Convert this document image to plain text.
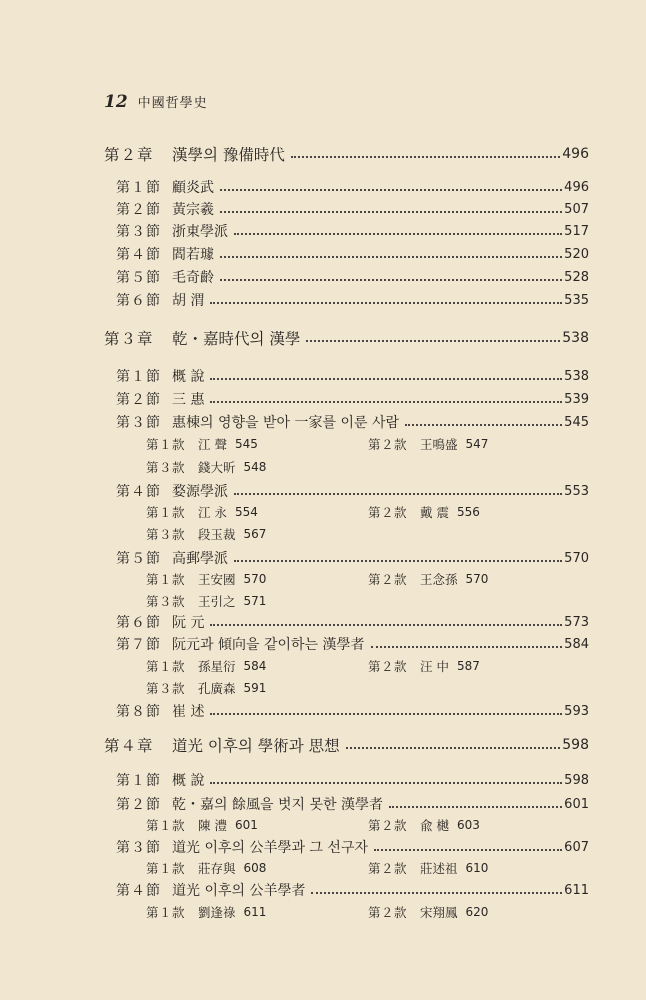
12 中國哲學史
第２章	漢學의 豫備時代	496
第１節 顧炎武	496
第２節 黃宗羲	507
第３節 浙東學派	517
第４節 閻若璩	520
第５節 毛奇齡	528
第６節 胡 渭	535
第３章	乾・嘉時代의 漢學	538
第１節 概 說	538
第２節 三 惠	539
第３節 惠棟의 영향을 받아 一家를 이룬 사람	545
第１款	江 聲 545	第２款	王鳴盛 547
第３款	錢大昕 548
第４節 婺源學派	553
第１款	江 永 554	第２款	戴 震 556
第３款	段玉裁 567
第５節 高郵學派	570
第１款	王安國 570	第２款	王念孫 570
第３款	王引之 571
第６節 阮 元	573
第７節 阮元과 傾向을 같이하는 漢學者	584
第１款	孫星衍 584	第２款	汪 中 587
第３款	孔廣森 591
第８節 崔 述	593
第４章	道光 이후의 學術과 思想	598
第１節 概 說	598
第２節 乾・嘉의 餘風을 벗지 못한 漢學者	601
第１款	陳 澧 601	第２款	兪 樾 603
第３節 道光 이후의 公羊學과 그 선구자	607
第１款	莊存與 608	第２款	莊述祖 610
第４節 道光 이후의 公羊學者	611
第１款	劉逢祿 611	第２款	宋翔鳳 620
